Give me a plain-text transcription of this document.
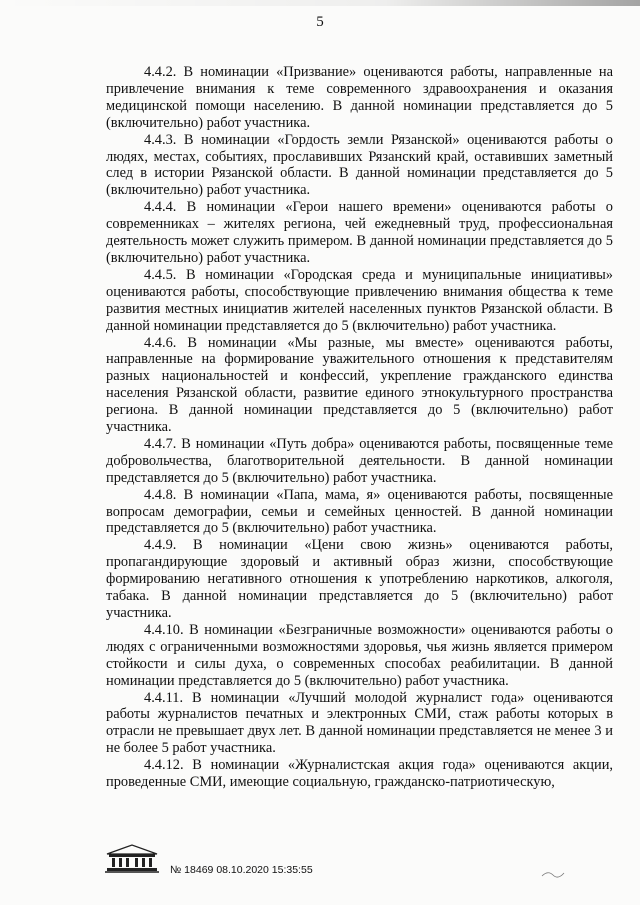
5

4.4.2. В номинации «Призвание» оцениваются работы, направленные на привлечение внимания к теме современного здравоохранения и оказания медицинской помощи населению. В данной номинации представляется до 5 (включительно) работ участника.

4.4.3. В номинации «Гордость земли Рязанской» оцениваются работы о людях, местах, событиях, прославивших Рязанский край, оставивших заметный след в истории Рязанской области. В данной номинации представляется до 5 (включительно) работ участника.

4.4.4. В номинации «Герои нашего времени» оцениваются работы о современниках – жителях региона, чей ежедневный труд, профессиональная деятельность может служить примером. В данной номинации представляется до 5 (включительно) работ участника.

4.4.5. В номинации «Городская среда и муниципальные инициативы» оцениваются работы, способствующие привлечению внимания общества к теме развития местных инициатив жителей населенных пунктов Рязанской области. В данной номинации представляется до 5 (включительно) работ участника.

4.4.6. В номинации «Мы разные, мы вместе» оцениваются работы, направленные на формирование уважительного отношения к представителям разных национальностей и конфессий, укрепление гражданского единства населения Рязанской области, развитие единого этнокультурного пространства региона. В данной номинации представляется до 5 (включительно) работ участника.

4.4.7. В номинации «Путь добра» оцениваются работы, посвященные теме добровольчества, благотворительной деятельности. В данной номинации представляется до 5 (включительно) работ участника.

4.4.8. В номинации «Папа, мама, я» оцениваются работы, посвященные вопросам демографии, семьи и семейных ценностей. В данной номинации представляется до 5 (включительно) работ участника.

4.4.9. В номинации «Цени свою жизнь» оцениваются работы, пропагандирующие здоровый и активный образ жизни, способствующие формированию негативного отношения к употреблению наркотиков, алкоголя, табака. В данной номинации представляется до 5 (включительно) работ участника.

4.4.10. В номинации «Безграничные возможности» оцениваются работы о людях с ограниченными возможностями здоровья, чья жизнь является примером стойкости и силы духа, о современных способах реабилитации. В данной номинации представляется до 5 (включительно) работ участника.

4.4.11. В номинации «Лучший молодой журналист года» оцениваются работы журналистов печатных и электронных СМИ, стаж работы которых в отрасли не превышает двух лет. В данной номинации представляется не менее 3 и не более 5 работ участника.

4.4.12. В номинации «Журналистская акция года» оцениваются акции, проведенные СМИ, имеющие социальную, гражданско-патриотическую,

№ 18469 08.10.2020 15:35:55
